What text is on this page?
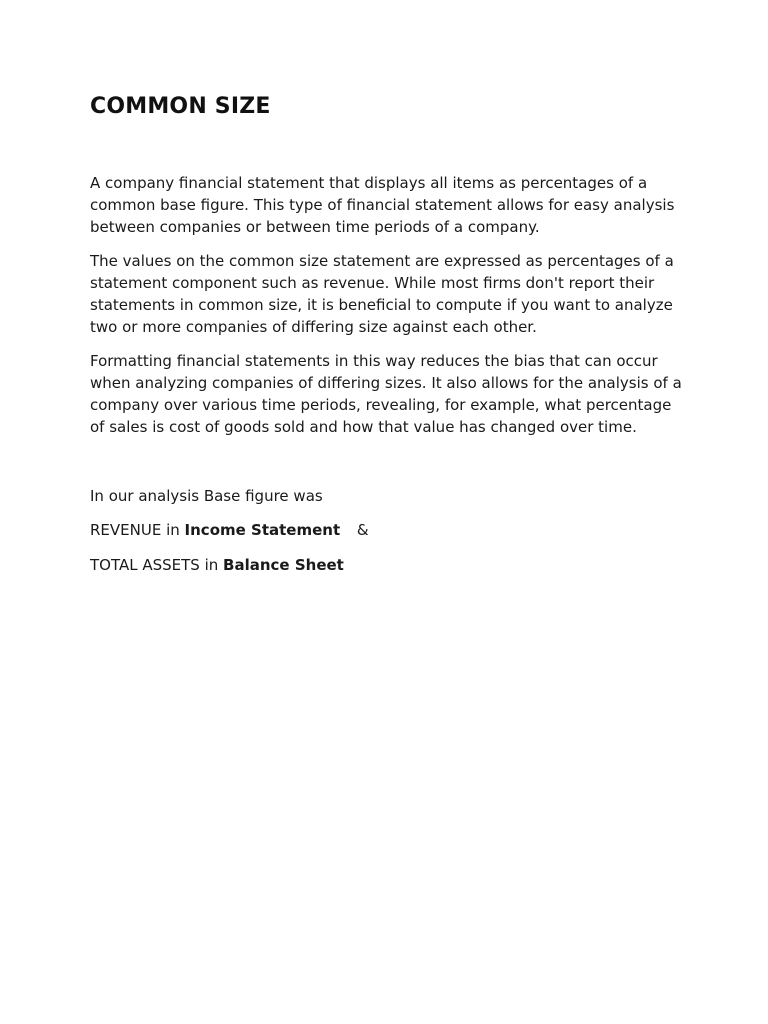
COMMON SIZE

A company financial statement that displays all items as percentages of a common base figure. This type of financial statement allows for easy analysis between companies or between time periods of a company.

The values on the common size statement are expressed as percentages of a statement component such as revenue. While most firms don't report their statements in common size, it is beneficial to compute if you want to analyze two or more companies of differing size against each other.

Formatting financial statements in this way reduces the bias that can occur when analyzing companies of differing sizes. It also allows for the analysis of a company over various time periods, revealing, for example, what percentage of sales is cost of goods sold and how that value has changed over time.

In our analysis Base figure was

REVENUE in Income Statement &

TOTAL ASSETS in Balance Sheet
